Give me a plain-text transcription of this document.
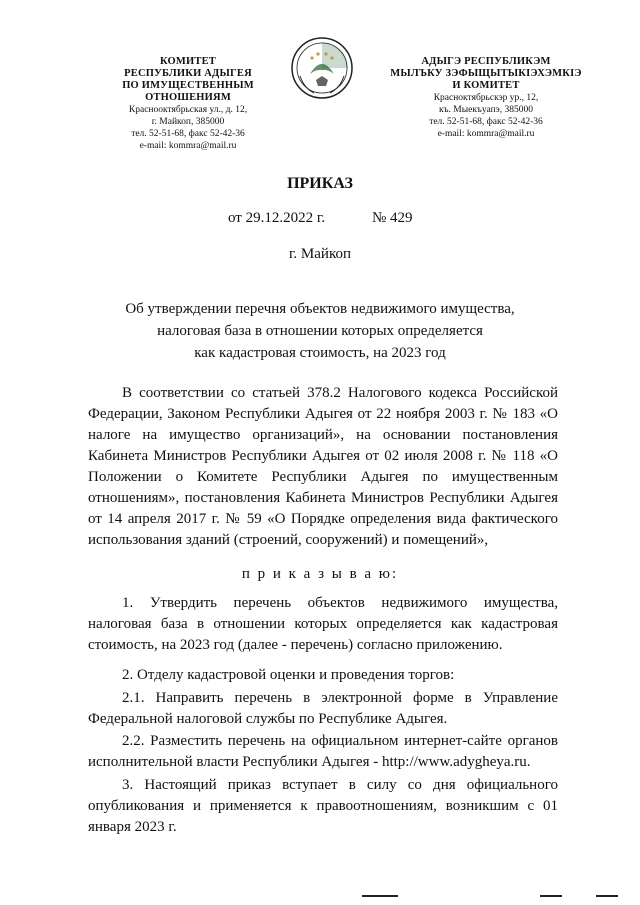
КОМИТЕТ
РЕСПУБЛИКИ АДЫГЕЯ
ПО ИМУЩЕСТВЕННЫМ ОТНОШЕНИЯМ
Краснооктябрьская ул., д. 12,
г. Майкоп, 385000
тел. 52-51-68, факс 52-42-36
e-mail: kommra@mail.ru
АДЫГЭ РЕСПУБЛИКЭМ
МЫЛЪКУ ЗЭФЫЩЫТЫКIЭХЭМКIЭ
И КОМИТЕТ
Красноктябрьскэр ур., 12,
къ. Мыекъуапэ, 385000
тел. 52-51-68, факс 52-42-36
e-mail: kommra@mail.ru
ПРИКАЗ
от 29.12.2022 г.	№ 429
г. Майкоп
Об утверждении перечня объектов недвижимого имущества,
налоговая база в отношении которых определяется
как кадастровая стоимость, на 2023 год

В соответствии со статьей 378.2 Налогового кодекса Российской Федерации, Законом Республики Адыгея от 22 ноября 2003 г. № 183 «О налоге на имущество организаций», на основании постановления Кабинета Министров Республики Адыгея от 02 июля 2008 г. № 118 «О Положении о Комитете Республики Адыгея по имущественным отношениям», постановления Кабинета Министров Республики Адыгея от 14 апреля 2017 г. № 59 «О Порядке определения вида фактического использования зданий (строений, сооружений) и помещений»,

п р и к а з ы в а ю:

1. Утвердить перечень объектов недвижимого имущества, налоговая база в отношении которых определяется как кадастровая стоимость, на 2023 год (далее - перечень) согласно приложению.

2. Отделу кадастровой оценки и проведения торгов:

2.1. Направить перечень в электронной форме в Управление Федеральной налоговой службы по Республике Адыгея.

2.2. Разместить перечень на официальном интернет-сайте органов исполнительной власти Республики Адыгея - http://www.adygheya.ru.

3. Настоящий приказ вступает в силу со дня официального опубликования и применяется к правоотношениям, возникшим с 01 января 2023 г.
